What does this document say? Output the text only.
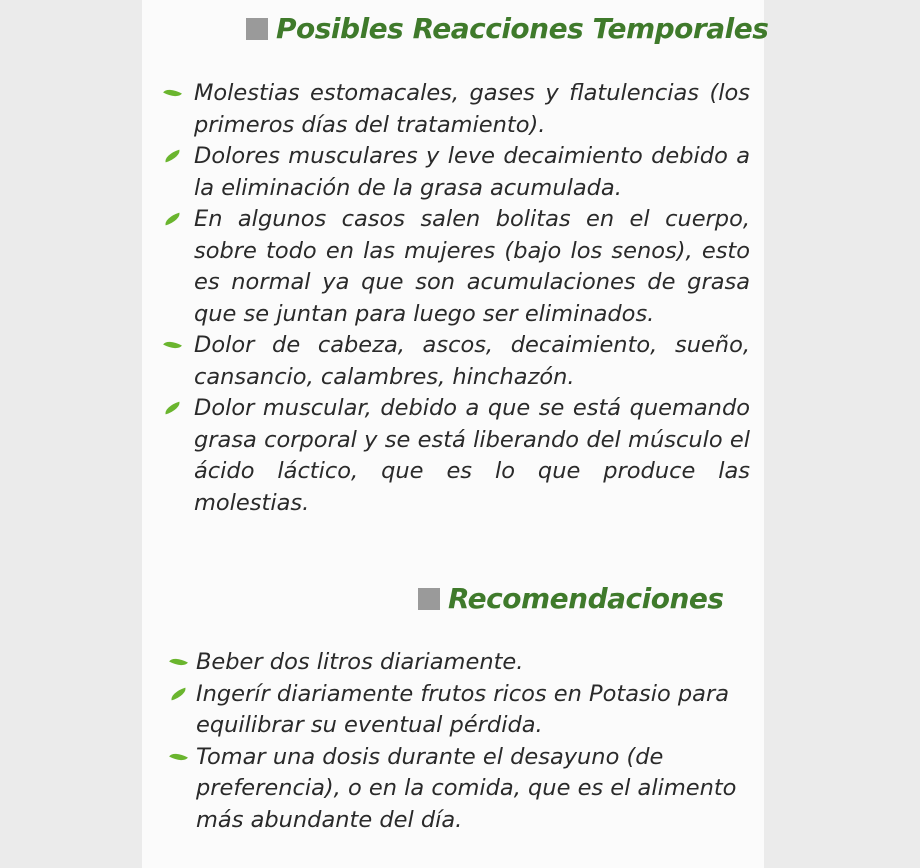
Posibles Reacciones Temporales
Molestias estomacales, gases y flatulencias (los primeros días del tratamiento).
Dolores musculares y leve decaimiento debido a la eliminación de la grasa acumulada.
En algunos casos salen bolitas en el cuerpo, sobre todo en las mujeres (bajo los senos), esto es normal ya que son acumulaciones de grasa que se juntan para luego ser eliminados.
Dolor de cabeza, ascos, decaimiento, sueño, cansancio, calambres, hinchazón.
Dolor muscular, debido a que se está quemando grasa corporal y se está liberando del músculo el ácido láctico, que es lo que produce las molestias.
Recomendaciones
Beber dos litros diariamente.
Ingerír diariamente frutos ricos en Potasio para equilibrar su eventual pérdida.
Tomar una dosis durante el desayuno (de preferencia), o en la comida, que es el alimento más abundante del día.
